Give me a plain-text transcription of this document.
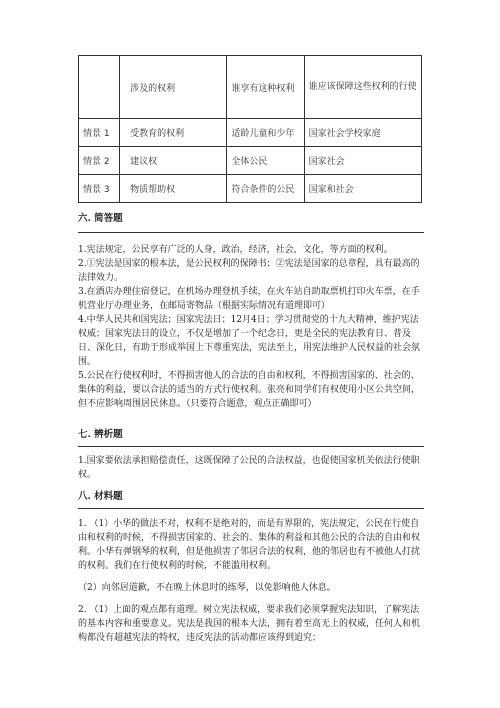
	涉及的权利	谁享有这种权利	谁应该保障这些权利的行使
情景 1	受教育的权利	适龄儿童和少年	国家社会学校家庭
情景 2	建议权	全体公民	国家社会
情景 3	物质帮助权	符合条件的公民	国家和社会
六. 简答题

1.宪法规定，公民享有广泛的人身，政治，经济，社会，文化，等方面的权利。

2.①宪法是国家的根本法，是公民权利的保障书；②宪法是国家的总章程，具有最高的法律效力。

3.在酒店办理住宿登记，在机场办理登机手续，在火车站自助取票机打印火车票，在手机营业厅办理业务，在邮局寄物品（根据实际情况有道理即可）

4.中华人民共和国宪法；国家宪法日；12月4日；学习贯彻党的十九大精神，维护宪法权威；国家宪法日的设立，不仅是增加了一个纪念日，更是全民的宪法教育日、普及日、深化日，有助于形成举国上下尊重宪法，宪法至上，用宪法维护人民权益的社会氛围。

5.公民在行使权利时，不得损害他人的合法的自由和权利，不得损害国家的、社会的、集体的利益，要以合法的适当的方式行使权利。张亮和同学们有权使用小区公共空间，但不应影响周围居民休息。（只要符合题意，观点正确即可）

七. 辨析题

1.国家要依法承担赔偿责任，这既保障了公民的合法权益，也促使国家机关依法行使职权。

八. 材料题

1. （1）小华的做法不对，权利不是绝对的，而是有界限的，宪法规定，公民在行使自由和权利的时候，不得损害国家的、社会的、集体的利益和其他公民的合法的自由和权利。小华有弹钢琴的权利，但是他损害了邻居合法的权利，他的邻居也有不被他人打扰的权利。我们在行使权利的时候，不能滥用权利。

（2）向邻居道歉，不在晚上休息时的练琴，以免影响他人休息。

2. （1）上面的观点都有道理。树立宪法权威，要求我们必须掌握宪法知识，了解宪法的基本内容和重要意义。宪法是我国的根本大法，拥有着至高无上的权威，任何人和机构都没有超越宪法的特权，违反宪法的活动都应该得到追究；
